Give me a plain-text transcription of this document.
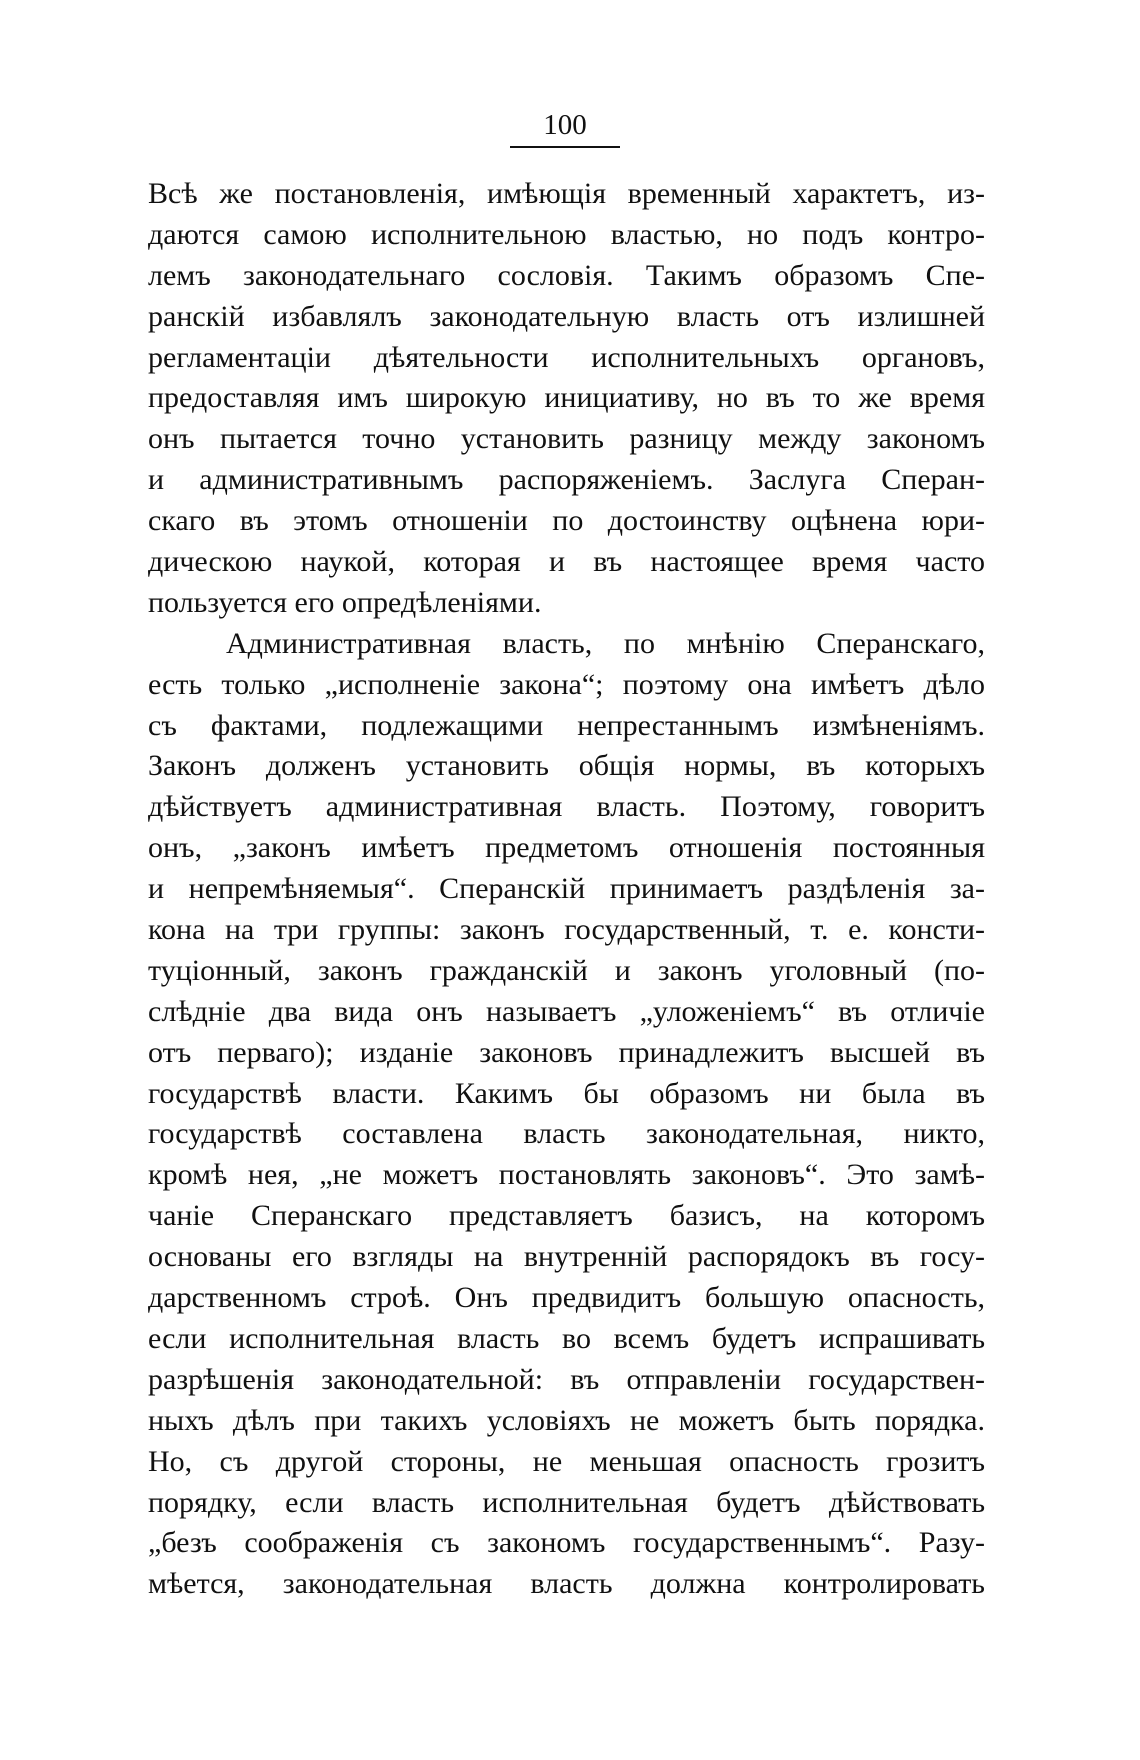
100
Всѣ же постановленія, имѣющія временный характетъ, из-
даются самою исполнительною властью, но подъ контро-
лемъ законодательнаго сословія. Такимъ образомъ Спе-
ранскій избавлялъ законодательную власть отъ излишней
регламентаціи дѣятельности исполнительныхъ органовъ,
предоставляя имъ широкую инициативу, но въ то же время
онъ пытается точно установить разницу между закономъ
и административнымъ распоряженіемъ. Заслуга Сперан-
скаго въ этомъ отношеніи по достоинству оцѣнена юри-
дическою наукой, которая и въ настоящее время часто
пользуется его опредѣленіями.
Административная власть, по мнѣнію Сперанскаго,
есть только „исполненіе закона“; поэтому она имѣетъ дѣло
съ фактами, подлежащими непрестаннымъ измѣненіямъ.
Законъ долженъ установить общія нормы, въ которыхъ
дѣйствуетъ административная власть. Поэтому, говоритъ
онъ, „законъ имѣетъ предметомъ отношенія постоянныя
и непремѣняемыя“. Сперанскій принимаетъ раздѣленія за-
кона на три группы: законъ государственный, т. е. консти-
туціонный, законъ гражданскій и законъ уголовный (по-
слѣдніе два вида онъ называетъ „уложеніемъ“ въ отличіе
отъ перваго); изданіе законовъ принадлежитъ высшей въ
государствѣ власти. Какимъ бы образомъ ни была въ
государствѣ составлена власть законодательная, никто,
кромѣ нея, „не можетъ постановлять законовъ“. Это замѣ-
чаніе Сперанскаго представляетъ базисъ, на которомъ
основаны его взгляды на внутренній распорядокъ въ госу-
дарственномъ строѣ. Онъ предвидитъ большую опасность,
если исполнительная власть во всемъ будетъ испрашивать
разрѣшенія законодательной: въ отправленіи государствен-
ныхъ дѣлъ при такихъ условіяхъ не можетъ быть порядка.
Но, съ другой стороны, не меньшая опасность грозитъ
порядку, если власть исполнительная будетъ дѣйствовать
„безъ соображенія съ закономъ государственнымъ“. Разу-
мѣется, законодательная власть должна контролировать
